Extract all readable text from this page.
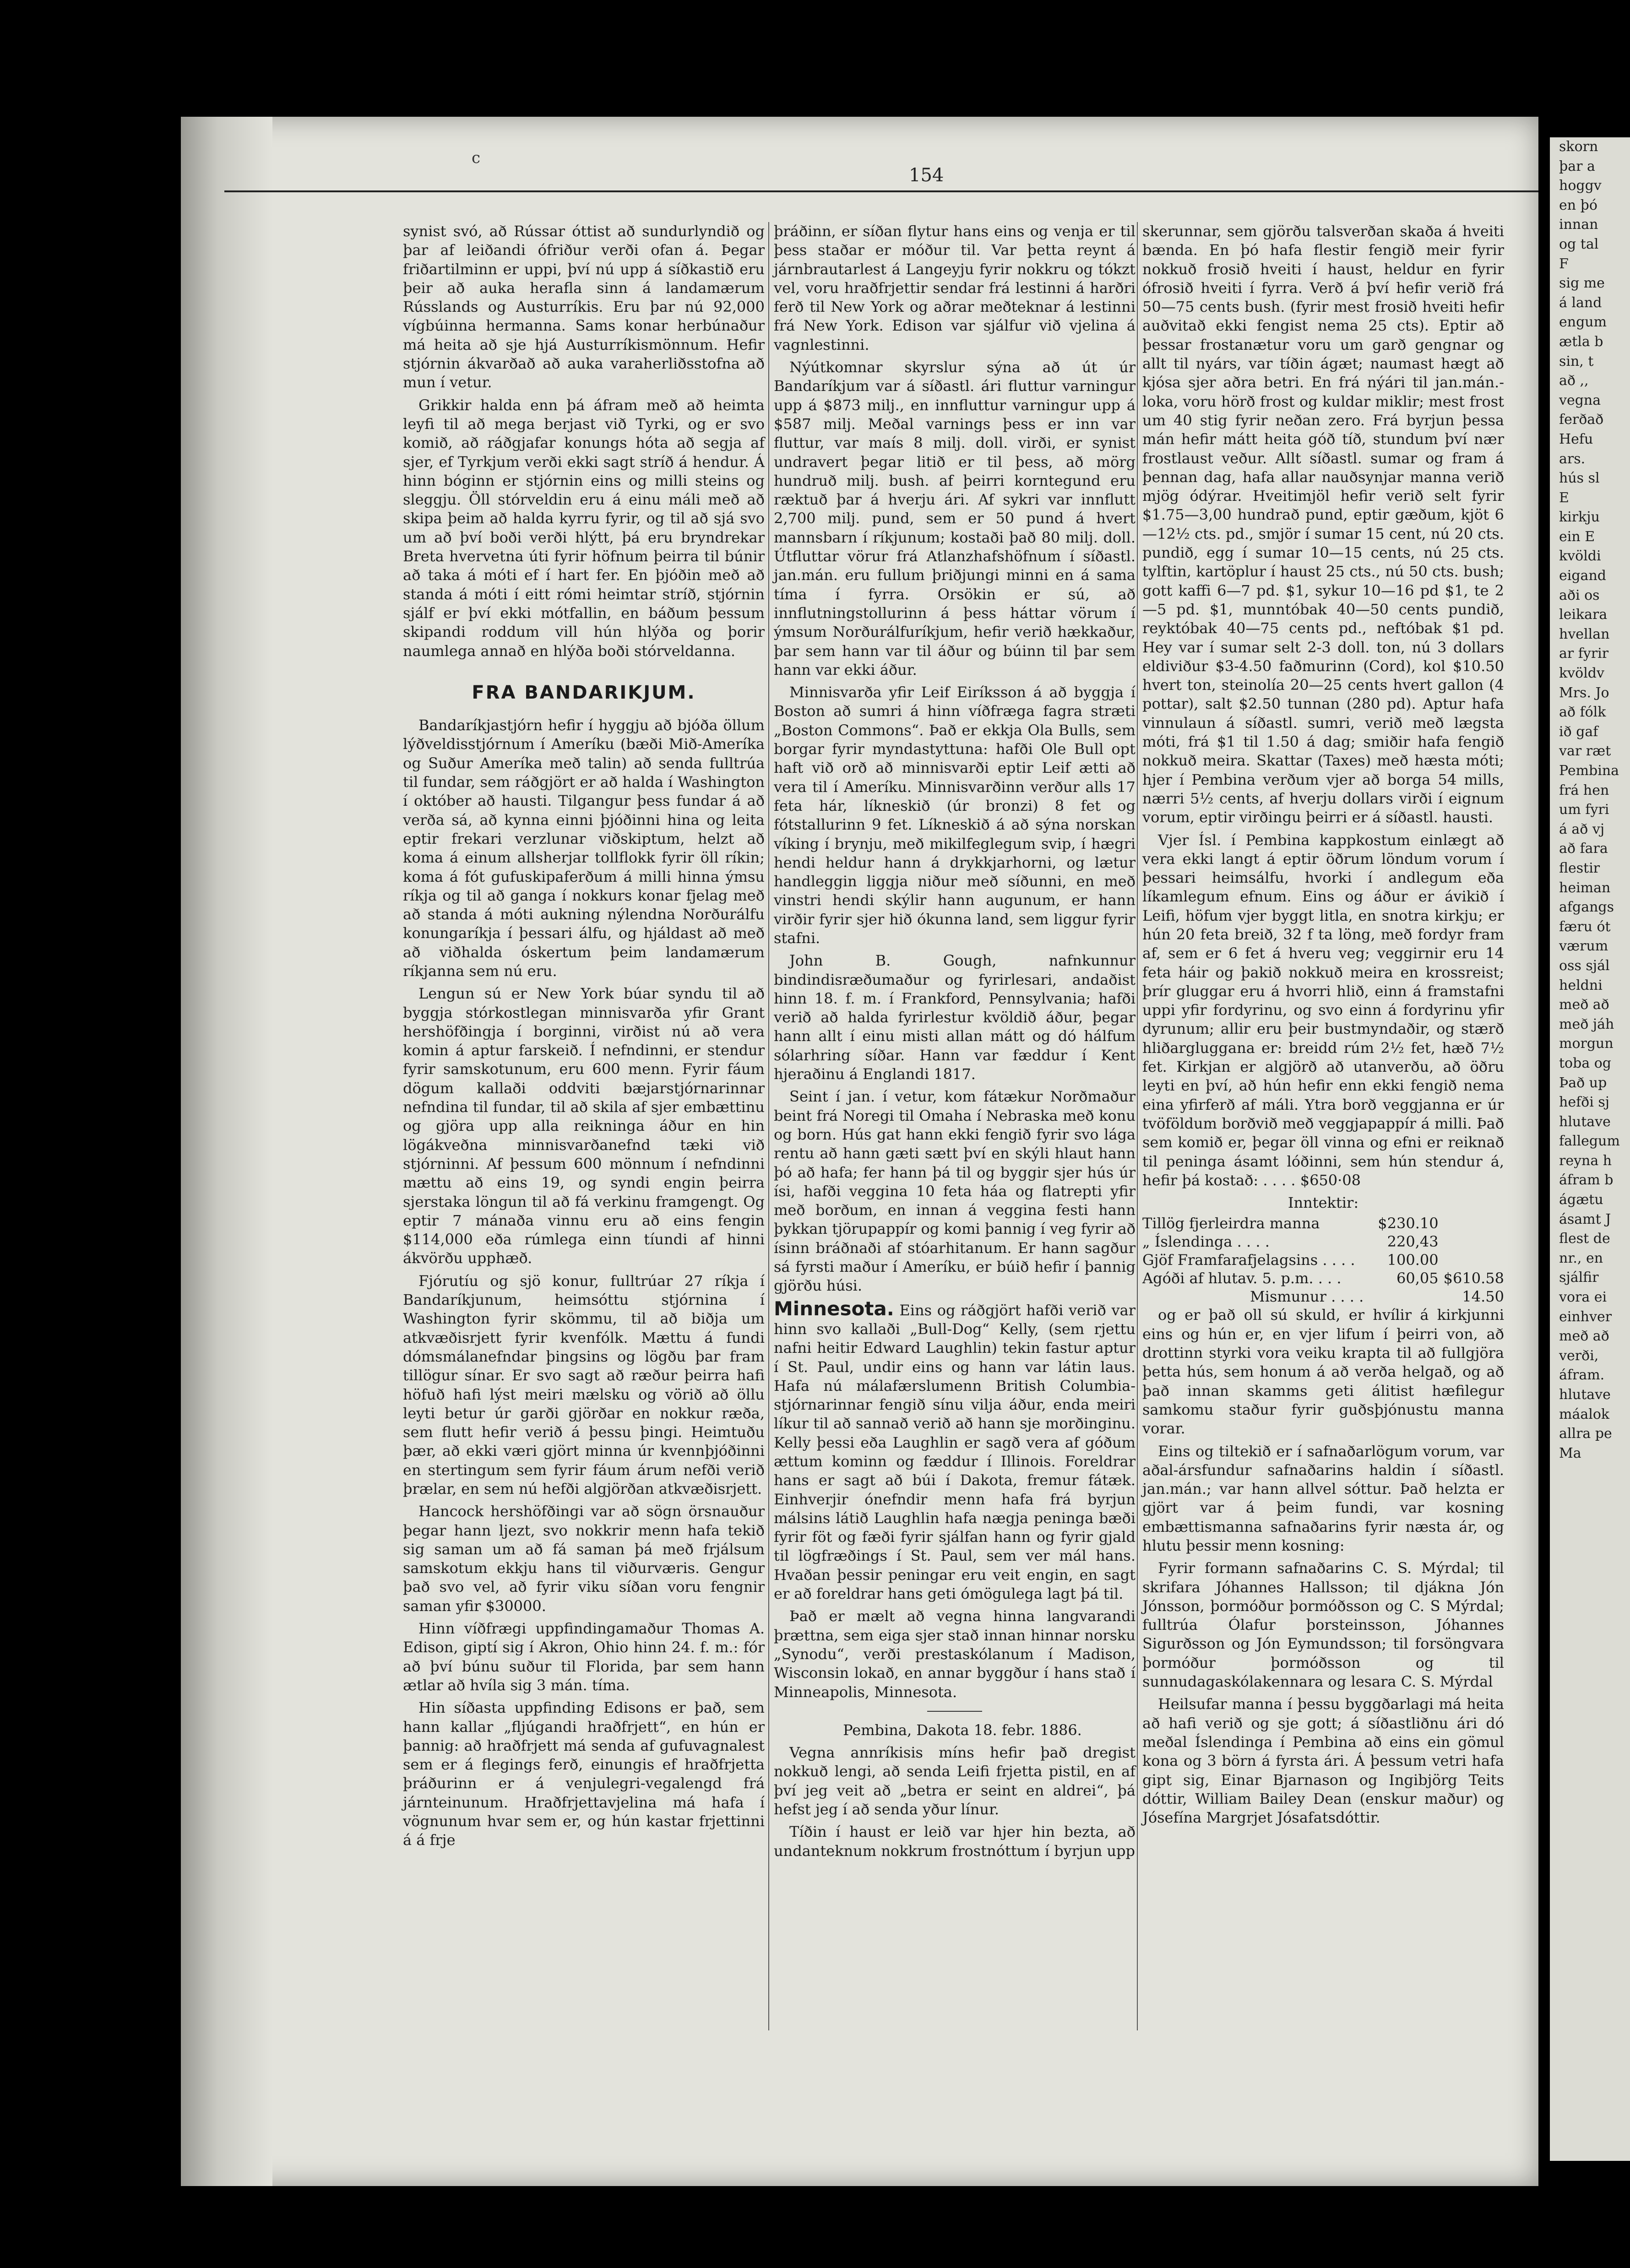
skorn
þar a
hoggv
en þó
innan
og tal
F
sig me
á land
engum
ætla b
sin, t
að ,,
vegna
ferðað
Hefu
ars.
hús sl
E
kirkju
ein E
kvöldi
eigand
aði os
leikara
hvellan
ar fyrir
kvöldv
Mrs. Jo
að fólk
ið gaf
var ræt
Pembina
frá hen
um fyri
á að vj
að fara
flestir
heiman
afgangs
færu ót
værum
oss sjál
heldni
með að
með jáh
morgun
toba og
Það up
hefði sj
hlutave
fallegum
reyna h
áfram b
ágætu
ásamt J
flest de
nr., en
sjálfir
vora ei
einhver
með að
verði,
áfram.
hlutave
máalok
allra pe
Ma
c
154

synist svó, að Rússar óttist að sundurlyndið og þar af leiðandi ófriður verði ofan á. Þegar friðartilminn er uppi, því nú upp á síðkastið eru þeir að auka herafla sinn á landamærum Rússlands og Austurríkis. Eru þar nú 92,000 vígbúinna hermanna. Sams konar herbúnaður má heita að sje hjá Austurríkismönnum. Hefir stjórnin ákvarðað að auka varaherliðsstofna að mun í vetur.

Grikkir halda enn þá áfram með að heimta leyfi til að mega berjast við Tyrki, og er svo komið, að ráðgjafar konungs hóta að segja af sjer, ef Tyrkjum verði ekki sagt stríð á hendur. Á hinn bóginn er stjórnin eins og milli steins og sleggju. Öll stórveldin eru á einu máli með að skipa þeim að halda kyrru fyrir, og til að sjá svo um að því boði verði hlýtt, þá eru bryndrekar Breta hvervetna úti fyrir höfnum þeirra til búnir að taka á móti ef í hart fer. En þjóðin með að standa á móti í eitt rómi heimtar stríð, stjórnin sjálf er því ekki mótfallin, en báðum þessum skipandi roddum vill hún hlýða og þorir naumlega annað en hlýða boði stórveldanna.

FRA BANDARIKJUM.

Bandaríkjastjórn hefir í hyggju að bjóða öllum lýðveldisstjórnum í Ameríku (bæði Mið-Ameríka og Suður Ameríka með talin) að senda fulltrúa til fundar, sem ráðgjört er að halda í Washington í október að hausti. Tilgangur þess fundar á að verða sá, að kynna einni þjóðinni hina og leita eptir frekari verzlunar viðskiptum, helzt að koma á einum allsherjar tollflokk fyrir öll ríkin; koma á fót gufuskipaferðum á milli hinna ýmsu ríkja og til að ganga í nokkurs konar fjelag með að standa á móti aukning nýlendna Norðurálfu konungaríkja í þessari álfu, og hjáldast að með að viðhalda óskertum þeim landamærum ríkjanna sem nú eru.

Lengun sú er New York búar syndu til að byggja stórkostlegan minnisvarða yfir Grant hershöfðingja í borginni, virðist nú að vera komin á aptur farskeið. Í nefndinni, er stendur fyrir samskotunum, eru 600 menn. Fyrir fáum dögum kallaði oddviti bæjarstjórnarinnar nefndina til fundar, til að skila af sjer embættinu og gjöra upp alla reikninga áður en hin lögákveðna minnisvarðanefnd tæki við stjórninni. Af þessum 600 mönnum í nefndinni mættu að eins 19, og syndi engin þeirra sjerstaka löngun til að fá verkinu framgengt. Og eptir 7 mánaða vinnu eru að eins fengin $114,000 eða rúmlega einn tíundi af hinni ákvörðu upphæð.

Fjórutíu og sjö konur, fulltrúar 27 ríkja í Bandaríkjunum, heimsóttu stjórnina í Washington fyrir skömmu, til að biðja um atkvæðisrjett fyrir kvenfólk. Mættu á fundi dómsmálanefndar þingsins og lögðu þar fram tillögur sínar. Er svo sagt að ræður þeirra hafi höfuð hafi lýst meiri mælsku og vörið að öllu leyti betur úr garði gjörðar en nokkur ræða, sem flutt hefir verið á þessu þingi. Heimtuðu þær, að ekki væri gjört minna úr kvennþjóðinni en stertingum sem fyrir fáum árum nefði verið þrælar, en sem nú hefði algjörðan atkvæðisrjett.

Hancock hershöfðingi var að sögn örsnauður þegar hann ljezt, svo nokkrir menn hafa tekið sig saman um að fá saman þá með frjálsum samskotum ekkju hans til viðurværis. Gengur það svo vel, að fyrir viku síðan voru fengnir saman yfir $30000.

Hinn víðfrægi uppfindingamaður Thomas A. Edison, giptí sig í Akron, Ohio hinn 24. f. m.: fór að því búnu suður til Florida, þar sem hann ætlar að hvíla sig 3 mán. tíma.

Hin síðasta uppfinding Edisons er það, sem hann kallar „fljúgandi hraðfrjett“, en hún er þannig: að hraðfrjett má senda af gufuvagnalest sem er á flegings ferð, einungis ef hraðfrjetta þráðurinn er á venjulegri-vegalengd frá járnteinunum. Hraðfrjettavjelina má hafa í vögnunum hvar sem er, og hún kastar frjettinni á á frje

þráðinn, er síðan flytur hans eins og venja er til þess staðar er móður til. Var þetta reynt á járnbrautarlest á Langeyju fyrir nokkru og tókzt vel, voru hraðfrjettir sendar frá lestinni á harðri ferð til New York og aðrar meðteknar á lestinni frá New York. Edison var sjálfur við vjelina á vagnlestinni.

Nýútkomnar skyrslur sýna að út úr Bandaríkjum var á síðastl. ári fluttur varningur upp á $873 milj., en innfluttur varningur upp á $587 milj. Meðal varnings þess er inn var fluttur, var maís 8 milj. doll. virði, er synist undravert þegar litið er til þess, að mörg hundruð milj. bush. af þeirri korntegund eru ræktuð þar á hverju ári. Af sykri var innflutt 2,700 milj. pund, sem er 50 pund á hvert mannsbarn í ríkjunum; kostaði það 80 milj. doll. Útfluttar vörur frá Atlanzhafshöfnum í síðastl. jan.mán. eru fullum þriðjungi minni en á sama tíma í fyrra. Orsökin er sú, að innflutningstollurinn á þess háttar vörum í ýmsum Norðurálfuríkjum, hefir verið hækkaður, þar sem hann var til áður og búinn til þar sem hann var ekki áður.

Minnisvarða yfir Leif Eiríksson á að byggja í Boston að sumri á hinn víðfræga fagra stræti „Boston Commons“. Það er ekkja Ola Bulls, sem borgar fyrir myndastyttuna: hafði Ole Bull opt haft við orð að minnisvarði eptir Leif ætti að vera til í Ameríku. Minnisvarðinn verður alls 17 feta hár, líkneskið (úr bronzi) 8 fet og fótstallurinn 9 fet. Líkneskið á að sýna norskan víking í brynju, með mikilfeglegum svip, í hægri hendi heldur hann á drykkjarhorni, og lætur handleggin liggja niður með síðunni, en með vinstri hendi skýlir hann augunum, er hann virðir fyrir sjer hið ókunna land, sem liggur fyrir stafni.

John B. Gough, nafnkunnur bindindisræðumaður og fyrirlesari, andaðist hinn 18. f. m. í Frankford, Pennsylvania; hafði verið að halda fyrirlestur kvöldið áður, þegar hann allt í einu misti allan mátt og dó hálfum sólarhring síðar. Hann var fæddur í Kent hjeraðinu á Englandi 1817.

Seint í jan. í vetur, kom fátækur Norðmaður beint frá Noregi til Omaha í Nebraska með konu og born. Hús gat hann ekki fengið fyrir svo lága rentu að hann gæti sætt því en skýli hlaut hann þó að hafa; fer hann þá til og byggir sjer hús úr ísi, hafði veggina 10 feta háa og flatrepti yfir með borðum, en innan á veggina festi hann þykkan tjörupappír og komi þannig í veg fyrir að ísinn bráðnaði af stóarhitanum. Er hann sagður sá fyrsti maður í Ameríku, er búið hefir í þannig gjörðu húsi.

Minnesota. Eins og ráðgjört hafði verið var hinn svo kallaði „Bull-Dog“ Kelly, (sem rjettu nafni heitir Edward Laughlin) tekin fastur aptur í St. Paul, undir eins og hann var látin laus. Hafa nú málafærslumenn British Columbia-stjórnarinnar fengið sínu vilja áður, enda meiri líkur til að sannað verið að hann sje morðinginu. Kelly þessi eða Laughlin er sagð vera af góðum ættum kominn og fæddur í Illinois. Foreldrar hans er sagt að búi í Dakota, fremur fátæk. Einhverjir ónefndir menn hafa frá byrjun málsins látið Laughlin hafa nægja peninga bæði fyrir föt og fæði fyrir sjálfan hann og fyrir gjald til lögfræðings í St. Paul, sem ver mál hans. Hvaðan þessir peningar eru veit engin, en sagt er að foreldrar hans geti ómögulega lagt þá til.

Það er mælt að vegna hinna langvarandi þrættna, sem eiga sjer stað innan hinnar norsku „Synodu“, verði prestaskólanum í Madison, Wisconsin lokað, en annar byggður í hans stað í Minneapolis, Minnesota.

Pembina, Dakota 18. febr. 1886.

Vegna annríkisis míns hefir það dregist nokkuð lengi, að senda Leifi frjetta pistil, en af því jeg veit að „betra er seint en aldrei“, þá hefst jeg í að senda yður línur.

Tíðin í haust er leið var hjer hin bezta, að undanteknum nokkrum frostnóttum í byrjun upp

skerunnar, sem gjörðu talsverðan skaða á hveiti bænda. En þó hafa flestir fengið meir fyrir nokkuð frosið hveiti í haust, heldur en fyrir ófrosið hveiti í fyrra. Verð á því hefir verið frá 50—75 cents bush. (fyrir mest frosið hveiti hefir auðvitað ekki fengist nema 25 cts). Eptir að þessar frostanætur voru um garð gengnar og allt til nyárs, var tíðin ágæt; naumast hægt að kjósa sjer aðra betri. En frá nýári til jan.mán.-loka, voru hörð frost og kuldar miklir; mest frost um 40 stig fyrir neðan zero. Frá byrjun þessa mán hefir mátt heita góð tíð, stundum því nær frostlaust veður. Allt síðastl. sumar og fram á þennan dag, hafa allar nauðsynjar manna verið mjög ódýrar. Hveitimjöl hefir verið selt fyrir $1.75—3,00 hundrað pund, eptir gæðum, kjöt 6—12½ cts. pd., smjör í sumar 15 cent, nú 20 cts. pundið, egg í sumar 10—15 cents, nú 25 cts. tylftin, kartöplur í haust 25 cts., nú 50 cts. bush; gott kaffi 6—7 pd. $1, sykur 10—16 pd $1, te 2—5 pd. $1, munntóbak 40—50 cents pundið, reyktóbak 40—75 cents pd., neftóbak $1 pd. Hey var í sumar selt 2-3 doll. ton, nú 3 dollars eldiviður $3-4.50 faðmurinn (Cord), kol $10.50 hvert ton, steinolía 20—25 cents hvert gallon (4 pottar), salt $2.50 tunnan (280 pd). Aptur hafa vinnulaun á síðastl. sumri, verið með lægsta móti, frá $1 til 1.50 á dag; smiðir hafa fengið nokkuð meira. Skattar (Taxes) með hæsta móti; hjer í Pembina verðum vjer að borga 54 mills, nærri 5½ cents, af hverju dollars virði í eignum vorum, eptir virðingu þeirri er á síðastl. hausti.

Vjer Ísl. í Pembina kappkostum einlægt að vera ekki langt á eptir öðrum löndum vorum í þessari heimsálfu, hvorki í andlegum eða líkamlegum efnum. Eins og áður er ávikið í Leifi, höfum vjer byggt litla, en snotra kirkju; er hún 20 feta breið, 32 f ta löng, með fordyr fram af, sem er 6 fet á hveru veg; veggirnir eru 14 feta háir og þakið nokkuð meira en krossreist; þrír gluggar eru á hvorri hlið, einn á framstafni uppi yfir fordyrinu, og svo einn á fordyrinu yfir dyrunum; allir eru þeir bustmyndaðir, og stærð hliðargluggana er: breidd rúm 2½ fet, hæð 7½ fet. Kirkjan er algjörð að utanverðu, að öðru leyti en því, að hún hefir enn ekki fengið nema eina yfirferð af máli. Ytra borð veggjanna er úr tvöföldum borðvið með veggjapappír á milli. Það sem komið er, þegar öll vinna og efni er reiknað til peninga ásamt lóðinni, sem hún stendur á, hefir þá kostað: . . . . $650·08

Inntektir:
Tillög fjerleirdra manna	$230.10	
„ Íslendinga . . . .	220,43	
Gjöf Framfarafjelagsins . . . .	100.00	
Agóði af hlutav. 5. p.m. . . .	60,05	$610.58
Mismunur . . . .		14.50

og er það oll sú skuld, er hvílir á kirkjunni eins og hún er, en vjer lifum í þeirri von, að drottinn styrki vora veiku krapta til að fullgjöra þetta hús, sem honum á að verða helgað, og að það innan skamms geti álitist hæfilegur samkomu staður fyrir guðsþjónustu manna vorar.

Eins og tiltekið er í safnaðarlögum vorum, var aðal-ársfundur safnaðarins haldin í síðastl. jan.mán.; var hann allvel sóttur. Það helzta er gjört var á þeim fundi, var kosning embættismanna safnaðarins fyrir næsta ár, og hlutu þessir menn kosning:

Fyrir formann safnaðarins C. S. Mýrdal; til skrifara Jóhannes Hallsson; til djákna Jón Jónsson, þormóður þormóðsson og C. S Mýrdal; fulltrúa Ólafur þorsteinsson, Jóhannes Sigurðsson og Jón Eymundsson; til forsöngvara þormóður þormóðsson og til sunnudagaskólakennara og lesara C. S. Mýrdal

Heilsufar manna í þessu byggðarlagi má heita að hafi verið og sje gott; á síðastliðnu ári dó meðal Íslendinga í Pembina að eins ein gömul kona og 3 börn á fyrsta ári. Á þessum vetri hafa gipt sig, Einar Bjarnason og Ingibjörg Teits dóttir, William Bailey Dean (enskur maður) og Jósefína Margrjet Jósafatsdóttir.
